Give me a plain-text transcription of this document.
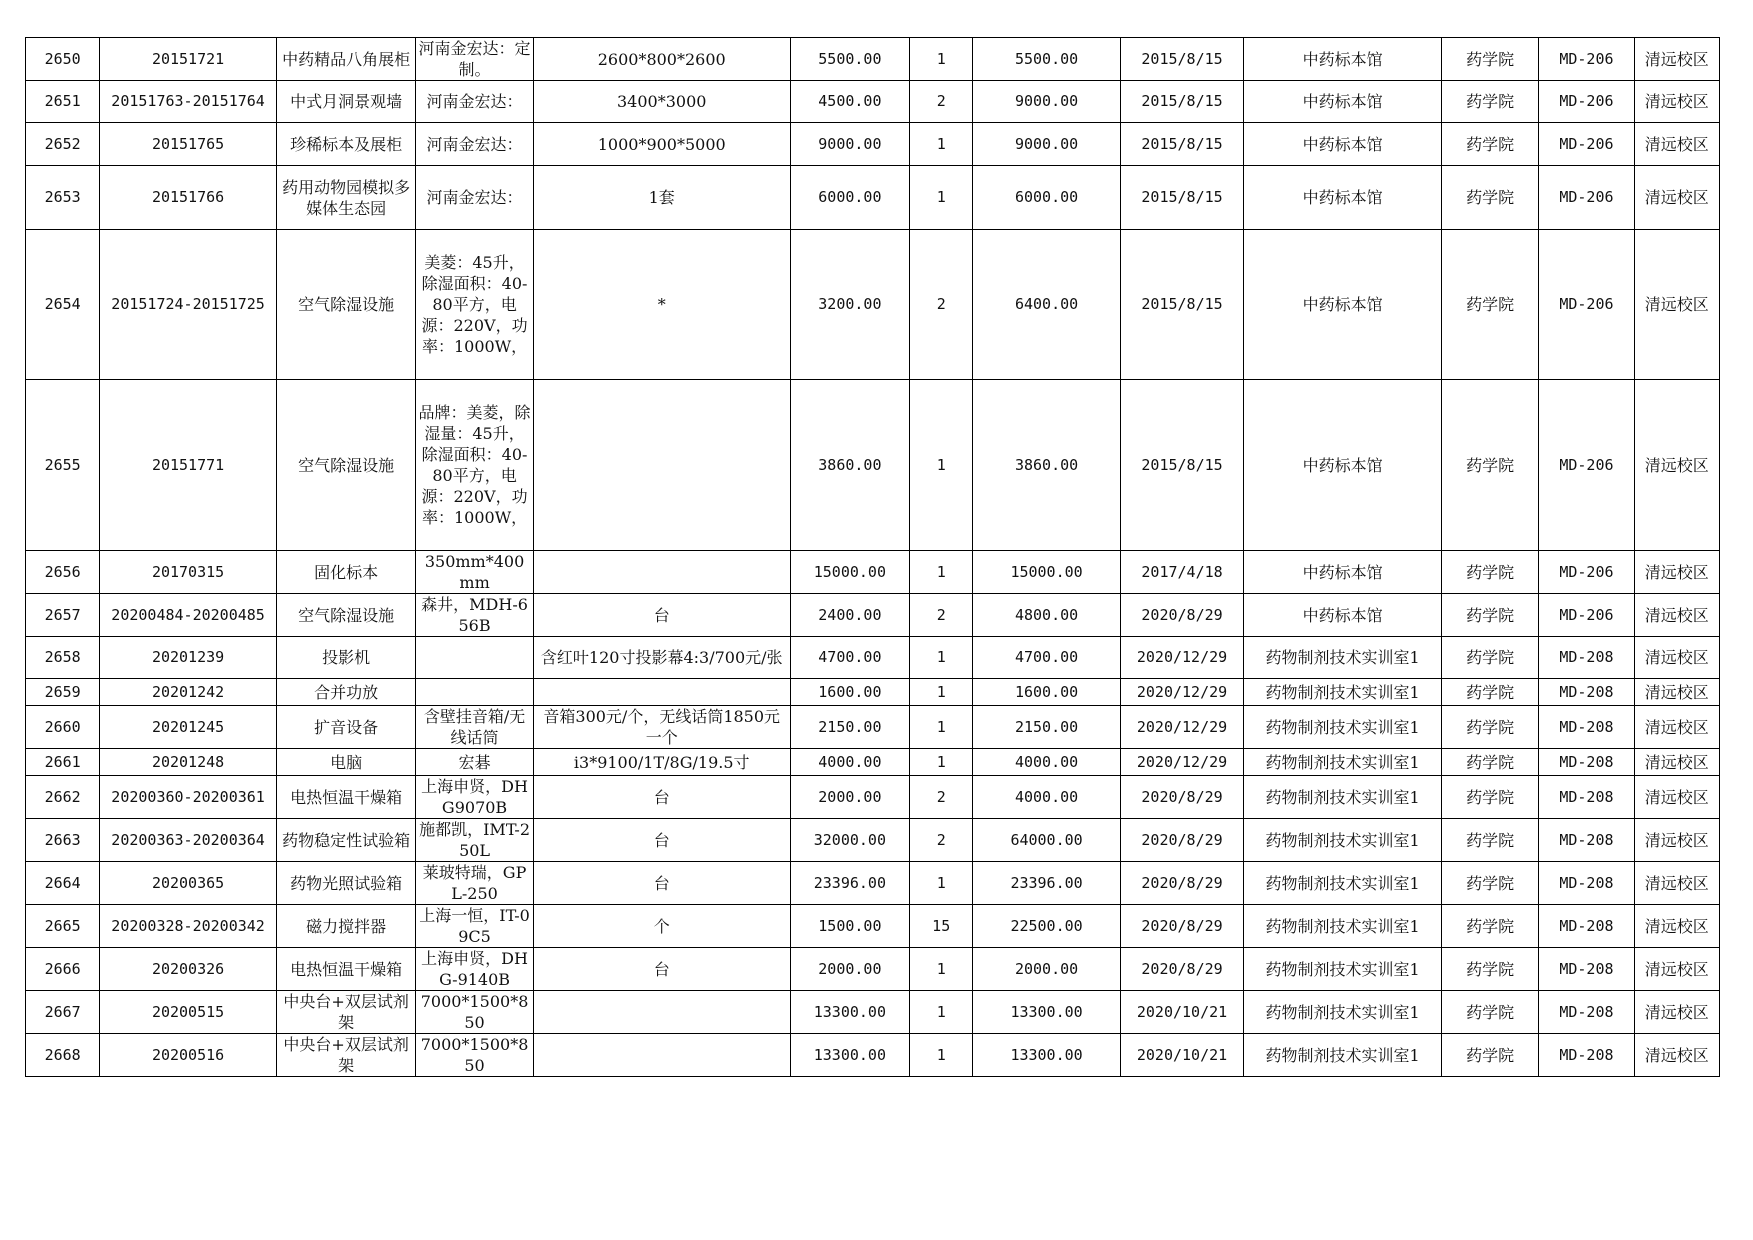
2650	20151721	中药精品八角展柜	河南金宏达：定制。	2600*800*2600	5500.00	1	5500.00	2015/8/15	中药标本馆	药学院	MD-206	清远校区
2651	20151763-20151764	中式月洞景观墙	河南金宏达：	3400*3000	4500.00	2	9000.00	2015/8/15	中药标本馆	药学院	MD-206	清远校区
2652	20151765	珍稀标本及展柜	河南金宏达：	1000*900*5000	9000.00	1	9000.00	2015/8/15	中药标本馆	药学院	MD-206	清远校区
2653	20151766	药用动物园模拟多媒体生态园	河南金宏达：	1套	6000.00	1	6000.00	2015/8/15	中药标本馆	药学院	MD-206	清远校区
2654	20151724-20151725	空气除湿设施	美菱：45升，除湿面积：40-80平方，电源：220V，功率：1000W，	*	3200.00	2	6400.00	2015/8/15	中药标本馆	药学院	MD-206	清远校区
2655	20151771	空气除湿设施	品牌：美菱，除湿量：45升，除湿面积：40-80平方，电源：220V，功率：1000W，		3860.00	1	3860.00	2015/8/15	中药标本馆	药学院	MD-206	清远校区
2656	20170315	固化标本	350mm*400mm		15000.00	1	15000.00	2017/4/18	中药标本馆	药学院	MD-206	清远校区
2657	20200484-20200485	空气除湿设施	森井，MDH-656B	台	2400.00	2	4800.00	2020/8/29	中药标本馆	药学院	MD-206	清远校区
2658	20201239	投影机		含红叶120寸投影幕4:3/700元/张	4700.00	1	4700.00	2020/12/29	药物制剂技术实训室1	药学院	MD-208	清远校区
2659	20201242	合并功放			1600.00	1	1600.00	2020/12/29	药物制剂技术实训室1	药学院	MD-208	清远校区
2660	20201245	扩音设备	含壁挂音箱/无线话筒	音箱300元/个，无线话筒1850元一个	2150.00	1	2150.00	2020/12/29	药物制剂技术实训室1	药学院	MD-208	清远校区
2661	20201248	电脑	宏碁	i3*9100/1T/8G/19.5寸	4000.00	1	4000.00	2020/12/29	药物制剂技术实训室1	药学院	MD-208	清远校区
2662	20200360-20200361	电热恒温干燥箱	上海申贤，DHG9070B	台	2000.00	2	4000.00	2020/8/29	药物制剂技术实训室1	药学院	MD-208	清远校区
2663	20200363-20200364	药物稳定性试验箱	施都凯，IMT-250L	台	32000.00	2	64000.00	2020/8/29	药物制剂技术实训室1	药学院	MD-208	清远校区
2664	20200365	药物光照试验箱	莱玻特瑞，GPL-250	台	23396.00	1	23396.00	2020/8/29	药物制剂技术实训室1	药学院	MD-208	清远校区
2665	20200328-20200342	磁力搅拌器	上海一恒，IT-09C5	个	1500.00	15	22500.00	2020/8/29	药物制剂技术实训室1	药学院	MD-208	清远校区
2666	20200326	电热恒温干燥箱	上海申贤，DHG-9140B	台	2000.00	1	2000.00	2020/8/29	药物制剂技术实训室1	药学院	MD-208	清远校区
2667	20200515	中央台+双层试剂架	7000*1500*850		13300.00	1	13300.00	2020/10/21	药物制剂技术实训室1	药学院	MD-208	清远校区
2668	20200516	中央台+双层试剂架	7000*1500*850		13300.00	1	13300.00	2020/10/21	药物制剂技术实训室1	药学院	MD-208	清远校区
